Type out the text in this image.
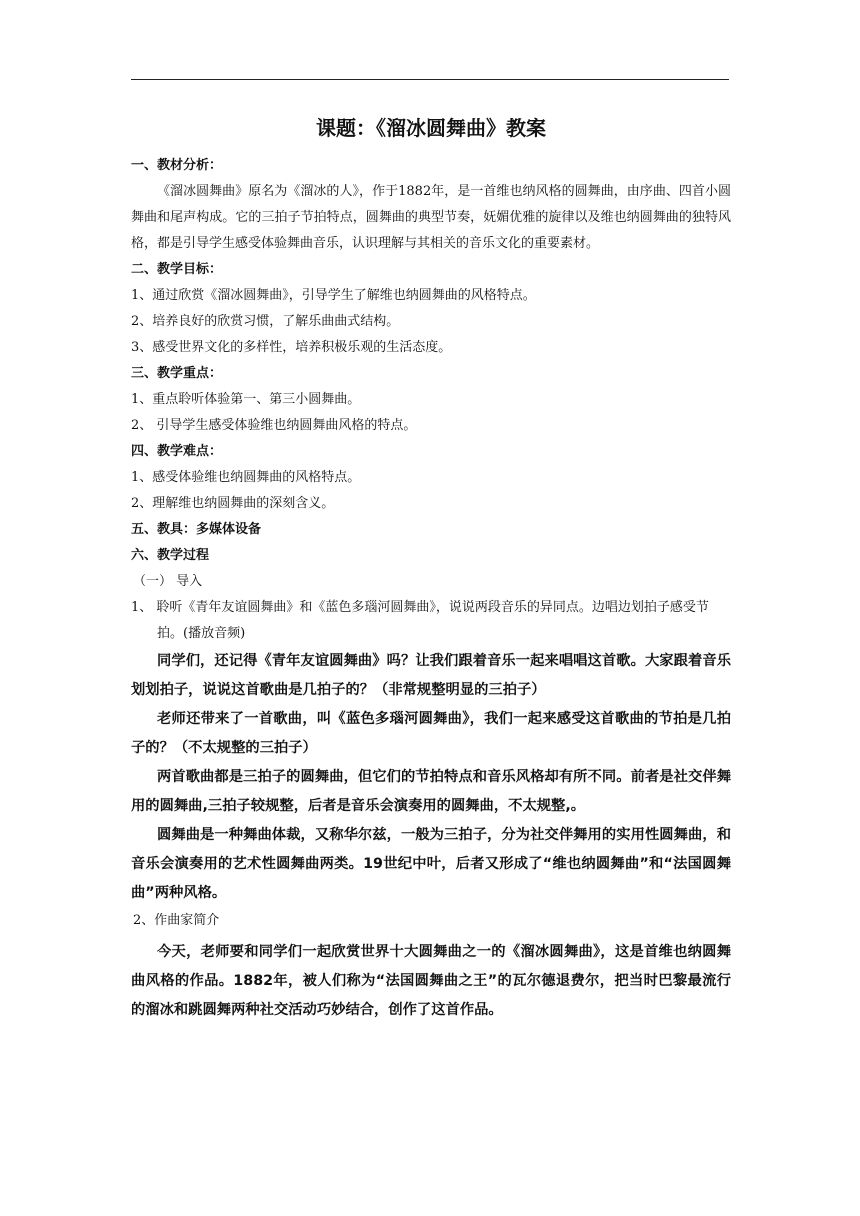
课题：《溜冰圆舞曲》教案

一、教材分析：

《溜冰圆舞曲》原名为《溜冰的人》，作于1882年，是一首维也纳风格的圆舞曲，由序曲、四首小圆舞曲和尾声构成。它的三拍子节拍特点，圆舞曲的典型节奏，妩媚优雅的旋律以及维也纳圆舞曲的独特风格，都是引导学生感受体验舞曲音乐，认识理解与其相关的音乐文化的重要素材。

二、教学目标：

1、通过欣赏《溜冰圆舞曲》，引导学生了解维也纳圆舞曲的风格特点。

2、培养良好的欣赏习惯，了解乐曲曲式结构。

3、感受世界文化的多样性，培养积极乐观的生活态度。

三、教学重点：

1、重点聆听体验第一、第三小圆舞曲。

2、 引导学生感受体验维也纳圆舞曲风格的特点。

四、教学难点：

1、感受体验维也纳圆舞曲的风格特点。

2、理解维也纳圆舞曲的深刻含义。

五、教具：多媒体设备

六、教学过程

（一） 导入

1、 聆听《青年友谊圆舞曲》和《蓝色多瑙河圆舞曲》，说说两段音乐的异同点。边唱边划拍子感受节拍。(播放音频)

同学们，还记得《青年友谊圆舞曲》吗？让我们跟着音乐一起来唱唱这首歌。大家跟着音乐划划拍子，说说这首歌曲是几拍子的？（非常规整明显的三拍子）

老师还带来了一首歌曲，叫《蓝色多瑙河圆舞曲》，我们一起来感受这首歌曲的节拍是几拍子的？（不太规整的三拍子）

两首歌曲都是三拍子的圆舞曲，但它们的节拍特点和音乐风格却有所不同。前者是社交伴舞用的圆舞曲,三拍子较规整，后者是音乐会演奏用的圆舞曲，不太规整,。

圆舞曲是一种舞曲体裁，又称华尔兹，一般为三拍子，分为社交伴舞用的实用性圆舞曲，和音乐会演奏用的艺术性圆舞曲两类。19世纪中叶，后者又形成了“维也纳圆舞曲”和“法国圆舞曲”两种风格。

2、作曲家简介

今天，老师要和同学们一起欣赏世界十大圆舞曲之一的《溜冰圆舞曲》，这是首维也纳圆舞曲风格的作品。1882年，被人们称为“法国圆舞曲之王”的瓦尔德退费尔，把当时巴黎最流行的溜冰和跳圆舞两种社交活动巧妙结合，创作了这首作品。
